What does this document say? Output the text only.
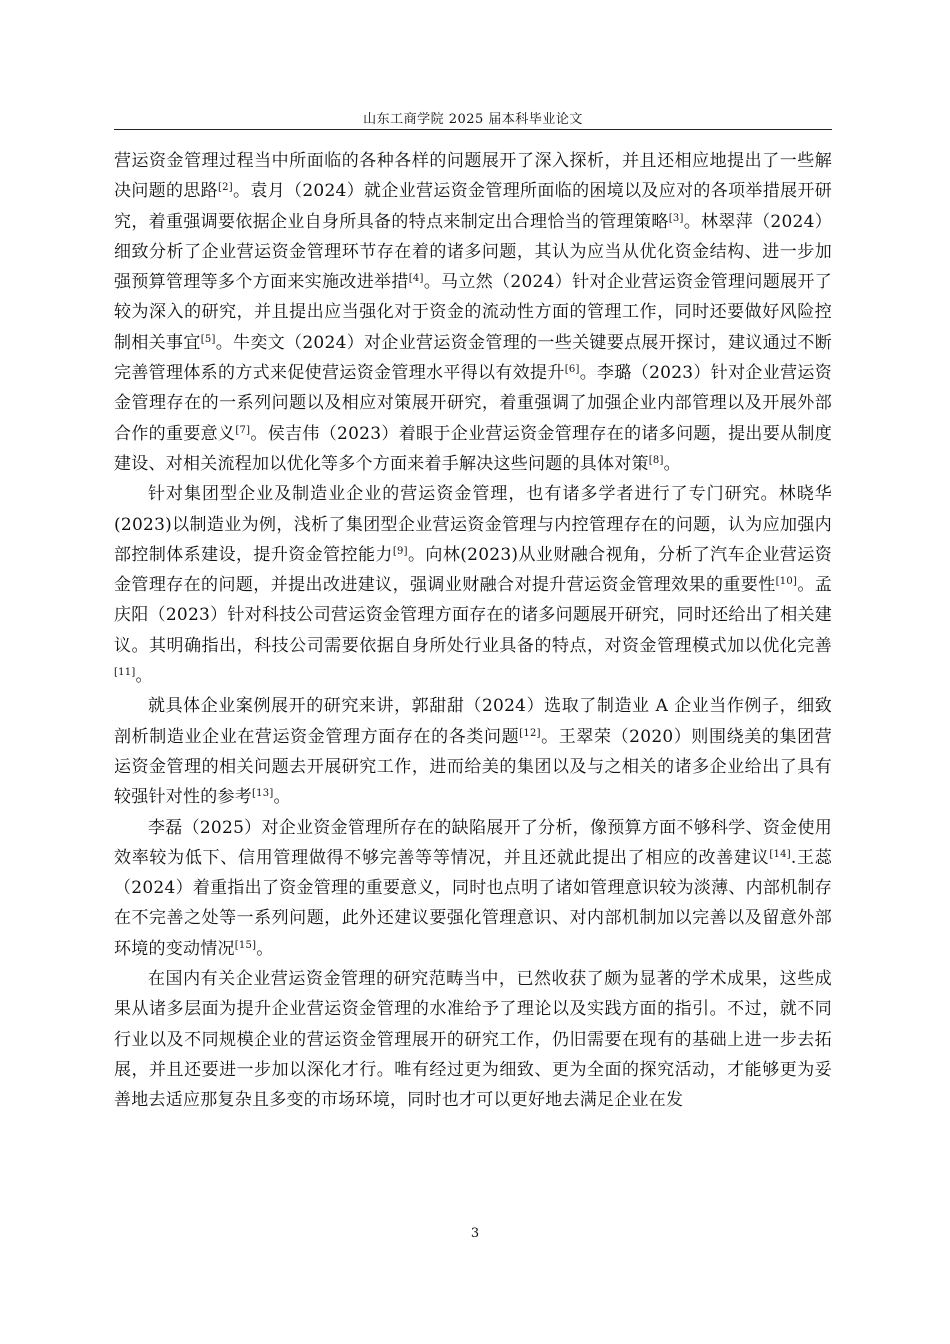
山东工商学院 2025 届本科毕业论文

营运资金管理过程当中所面临的各种各样的问题展开了深入探析，并且还相应地提出了一些解决问题的思路[2]。袁月（2024）就企业营运资金管理所面临的困境以及应对的各项举措展开研究，着重强调要依据企业自身所具备的特点来制定出合理恰当的管理策略[3]。林翠萍（2024）细致分析了企业营运资金管理环节存在着的诸多问题，其认为应当从优化资金结构、进一步加强预算管理等多个方面来实施改进举措[4]。马立然（2024）针对企业营运资金管理问题展开了较为深入的研究，并且提出应当强化对于资金的流动性方面的管理工作，同时还要做好风险控制相关事宜[5]。牛奕文（2024）对企业营运资金管理的一些关键要点展开探讨，建议通过不断完善管理体系的方式来促使营运资金管理水平得以有效提升[6]。李璐（2023）针对企业营运资金管理存在的一系列问题以及相应对策展开研究，着重强调了加强企业内部管理以及开展外部合作的重要意义[7]。侯吉伟（2023）着眼于企业营运资金管理存在的诸多问题，提出要从制度建设、对相关流程加以优化等多个方面来着手解决这些问题的具体对策[8]。

针对集团型企业及制造业企业的营运资金管理，也有诸多学者进行了专门研究。林晓华(2023)以制造业为例，浅析了集团型企业营运资金管理与内控管理存在的问题，认为应加强内部控制体系建设，提升资金管控能力[9]。向林(2023)从业财融合视角，分析了汽车企业营运资金管理存在的问题，并提出改进建议，强调业财融合对提升营运资金管理效果的重要性[10]。孟庆阳（2023）针对科技公司营运资金管理方面存在的诸多问题展开研究，同时还给出了相关建议。其明确指出，科技公司需要依据自身所处行业具备的特点，对资金管理模式加以优化完善[11]。

就具体企业案例展开的研究来讲，郭甜甜（2024）选取了制造业 A 企业当作例子，细致剖析制造业企业在营运资金管理方面存在的各类问题[12]。王翠荣（2020）则围绕美的集团营运资金管理的相关问题去开展研究工作，进而给美的集团以及与之相关的诸多企业给出了具有较强针对性的参考[13]。

李磊（2025）对企业资金管理所存在的缺陷展开了分析，像预算方面不够科学、资金使用效率较为低下、信用管理做得不够完善等等情况，并且还就此提出了相应的改善建议[14].王蕊（2024）着重指出了资金管理的重要意义，同时也点明了诸如管理意识较为淡薄、内部机制存在不完善之处等一系列问题，此外还建议要强化管理意识、对内部机制加以完善以及留意外部环境的变动情况[15]。

在国内有关企业营运资金管理的研究范畴当中，已然收获了颇为显著的学术成果，这些成果从诸多层面为提升企业营运资金管理的水准给予了理论以及实践方面的指引。不过，就不同行业以及不同规模企业的营运资金管理展开的研究工作，仍旧需要在现有的基础上进一步去拓展，并且还要进一步加以深化才行。唯有经过更为细致、更为全面的探究活动，才能够更为妥善地去适应那复杂且多变的市场环境，同时也才可以更好地去满足企业在发

3
